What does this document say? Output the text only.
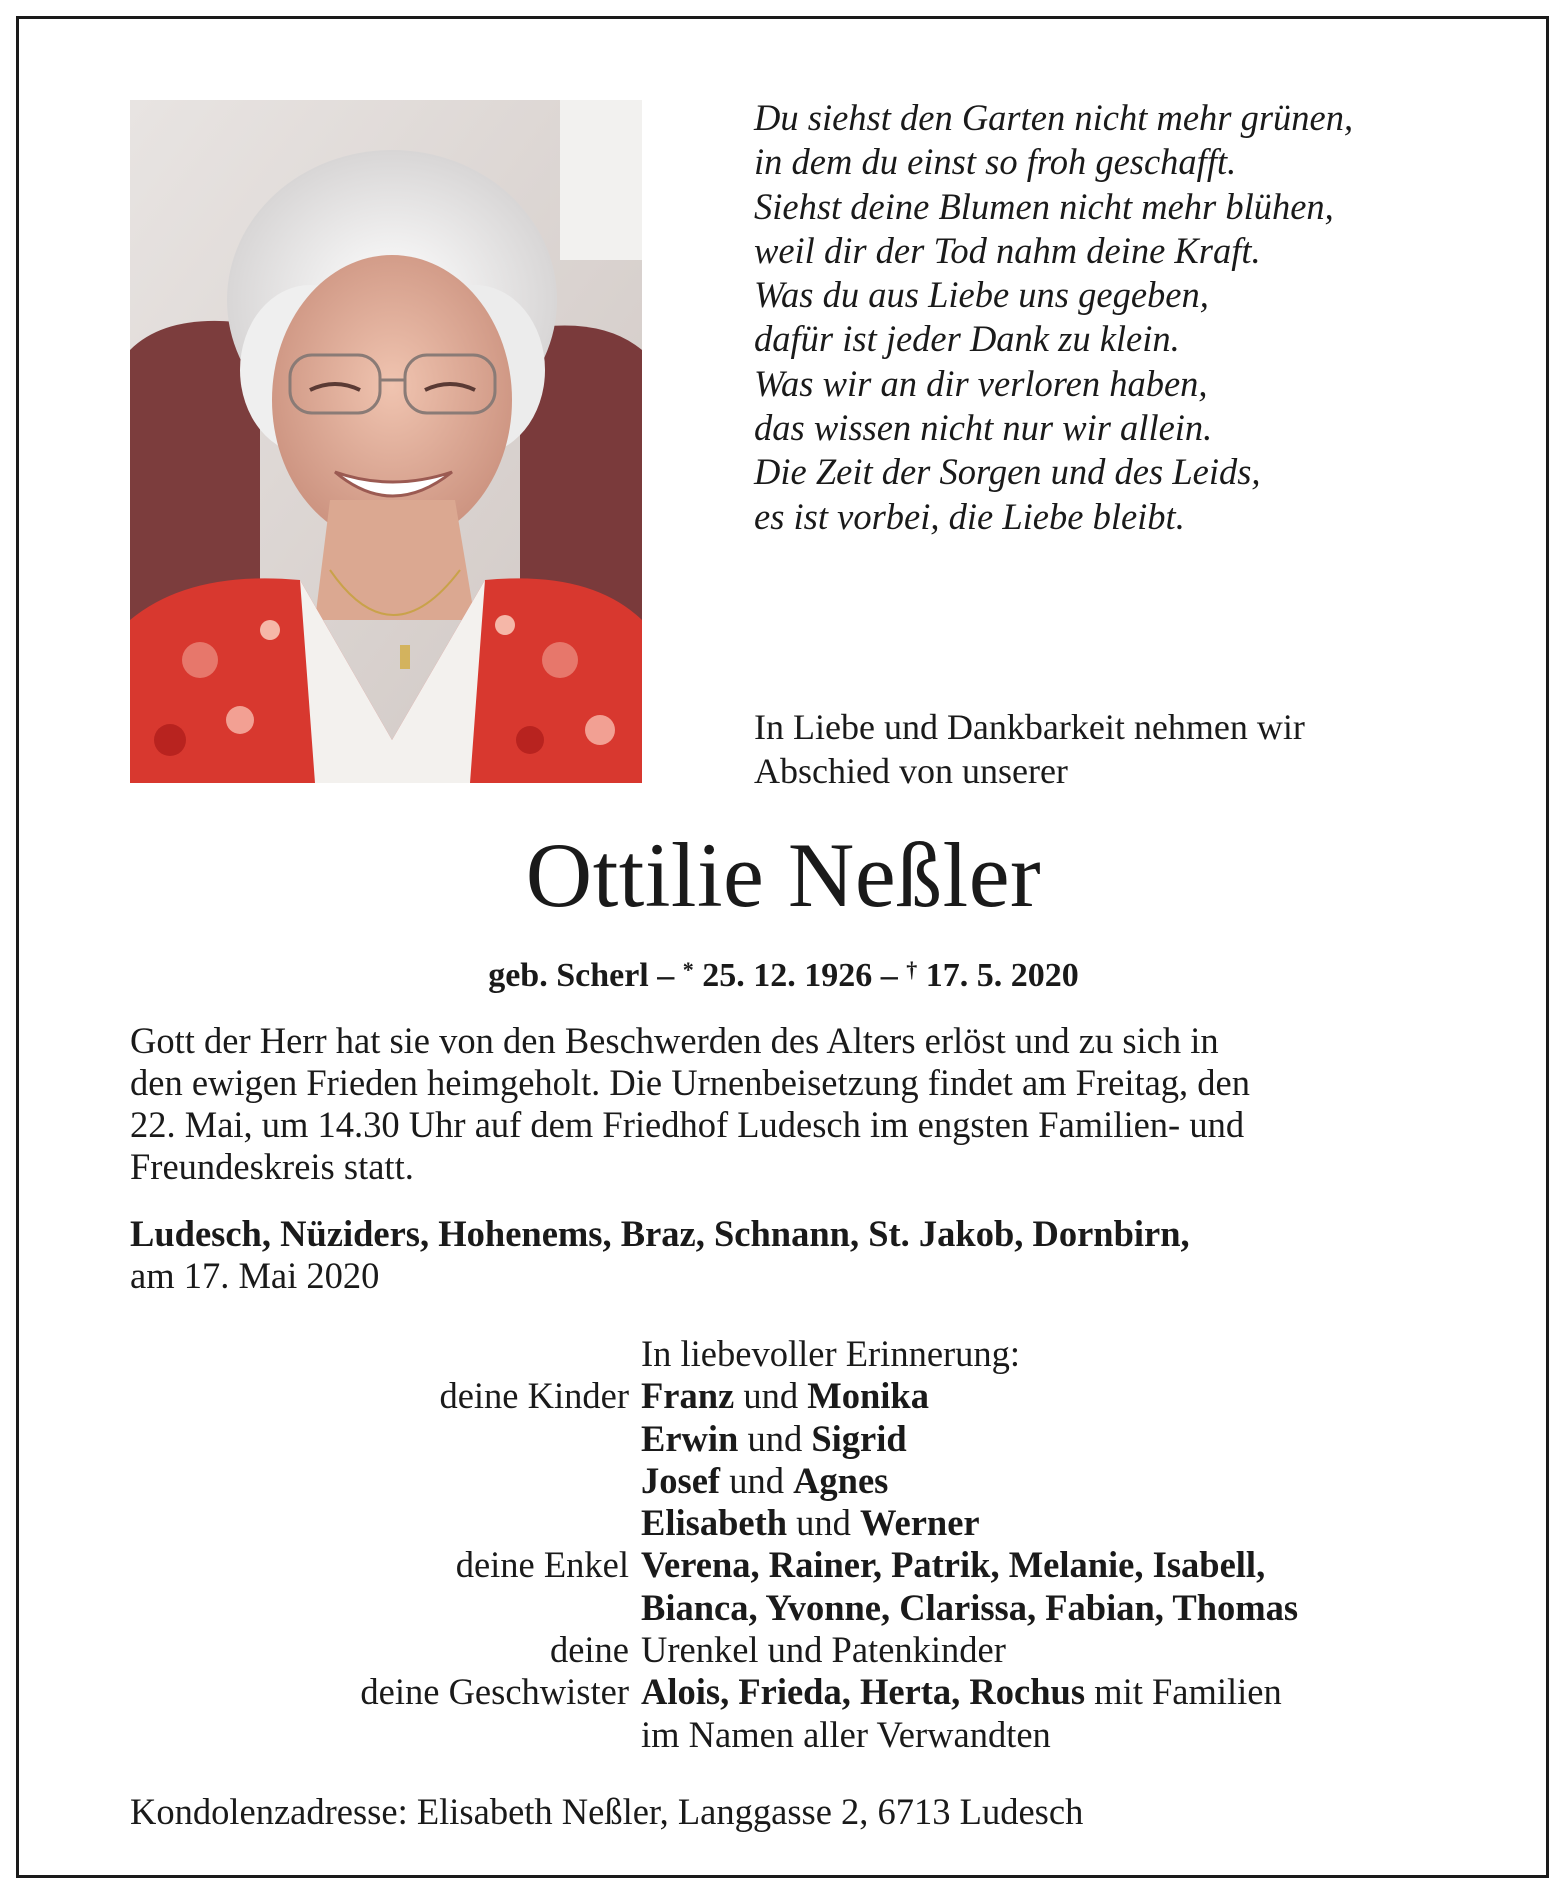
Du siehst den Garten nicht mehr grünen,
in dem du einst so froh geschafft.
Siehst deine Blumen nicht mehr blühen,
weil dir der Tod nahm deine Kraft.
Was du aus Liebe uns gegeben,
dafür ist jeder Dank zu klein.
Was wir an dir verloren haben,
das wissen nicht nur wir allein.
Die Zeit der Sorgen und des Leids,
es ist vorbei, die Liebe bleibt.
In Liebe und Dankbarkeit nehmen wir
Abschied von unserer
Ottilie Neßler
geb. Scherl – * 25. 12. 1926 – † 17. 5. 2020
Gott der Herr hat sie von den Beschwerden des Alters erlöst und zu sich in
den ewigen Frieden heimgeholt. Die Urnenbeisetzung findet am Freitag, den
22. Mai, um 14.30 Uhr auf dem Friedhof Ludesch im engsten Familien- und
Freundeskreis statt.
Ludesch, Nüziders, Hohenems, Braz, Schnann, St. Jakob, Dornbirn,
am 17. Mai 2020
In liebevoller Erinnerung:
deine Kinder Franz und Monika
Erwin und Sigrid
Josef und Agnes
Elisabeth und Werner
deine Enkel Verena, Rainer, Patrik, Melanie, Isabell,
Bianca, Yvonne, Clarissa, Fabian, Thomas
deine Urenkel und Patenkinder
deine Geschwister Alois, Frieda, Herta, Rochus mit Familien
im Namen aller Verwandten
Kondolenzadresse: Elisabeth Neßler, Langgasse 2, 6713 Ludesch
